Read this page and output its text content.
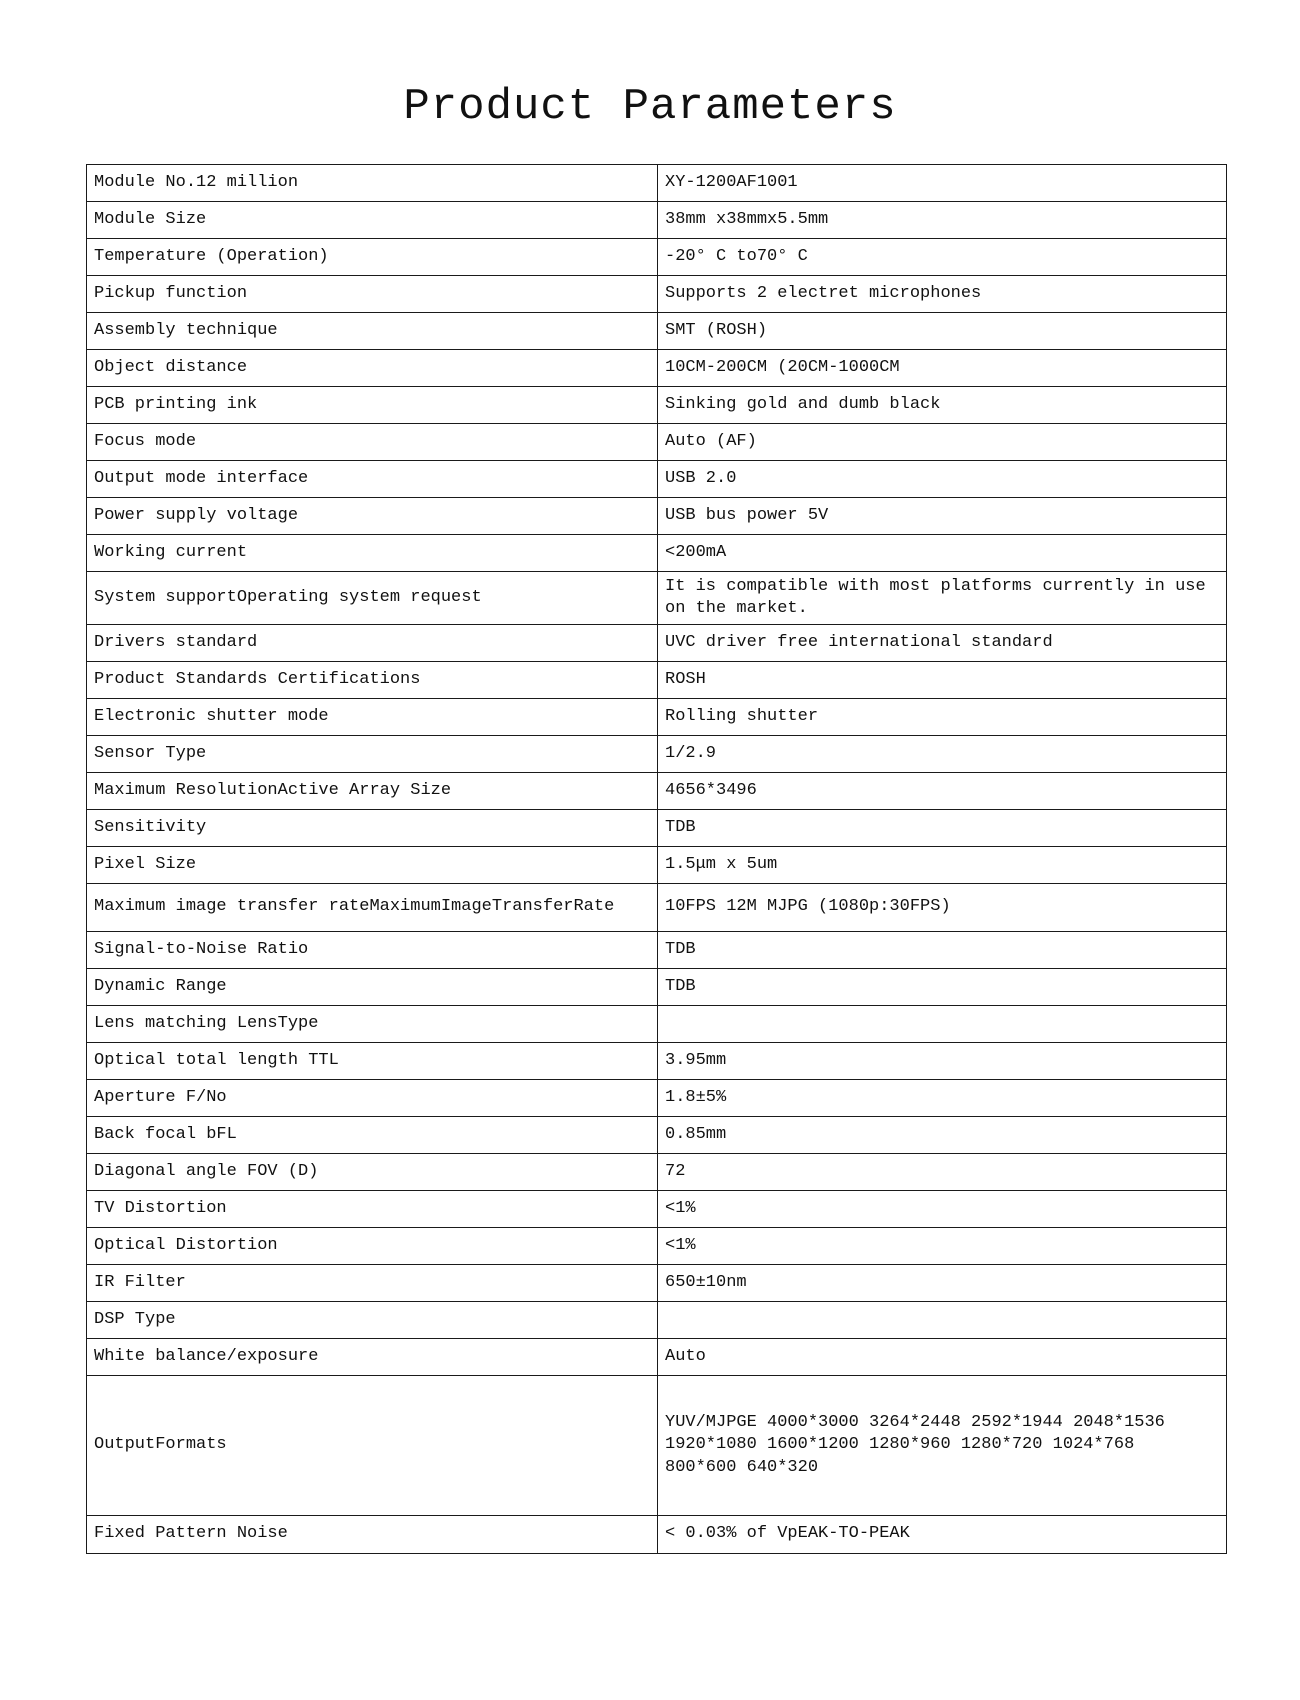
Product Parameters
Module No.12 million	XY-1200AF1001
Module Size	38mm x38mmx5.5mm
Temperature (Operation)	-20° C to70° C
Pickup function	Supports 2 electret microphones
Assembly technique	SMT (ROSH)
Object distance	10CM-200CM (20CM-1000CM
PCB printing ink	Sinking gold and dumb black
Focus mode	Auto (AF)
Output mode interface	USB 2.0
Power supply voltage	USB bus power 5V
Working current	<200mA
System supportOperating system request	It is compatible with most platforms currently in use on the market.
Drivers standard	UVC driver free international standard
Product Standards Certifications	ROSH
Electronic shutter mode	Rolling shutter
Sensor Type	1/2.9
Maximum ResolutionActive Array Size	4656*3496
Sensitivity	TDB
Pixel Size	1.5μm x 5um
Maximum image transfer rateMaximumImageTransferRate	10FPS 12M MJPG (1080p:30FPS)
Signal-to-Noise Ratio	TDB
Dynamic Range	TDB
Lens matching LensType	
Optical total length TTL	3.95mm
Aperture F/No	1.8±5%
Back focal bFL	0.85mm
Diagonal angle FOV (D)	72
TV Distortion	<1%
Optical Distortion	<1%
IR Filter	650±10nm
DSP Type	
White balance/exposure	Auto
OutputFormats	YUV/MJPGE 4000*3000 3264*2448 2592*1944 2048*1536 1920*1080 1600*1200 1280*960 1280*720 1024*768 800*600 640*320
Fixed Pattern Noise	< 0.03% of VpEAK-TO-PEAK
